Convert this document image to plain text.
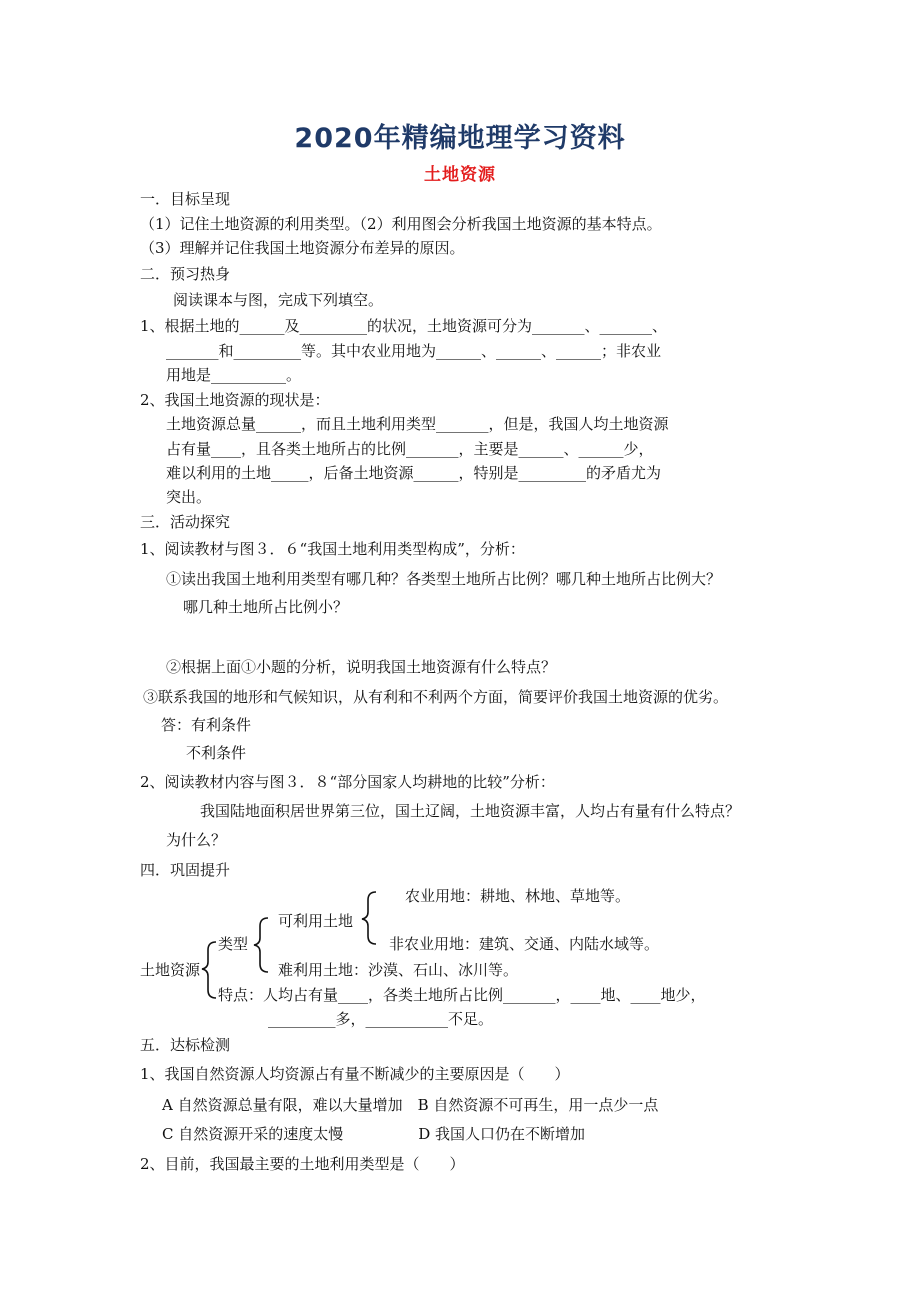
2020年精编地理学习资料
土地资源
一．目标呈现
（1）记住土地资源的利用类型。（2）利用图会分析我国土地资源的基本特点。
（3）理解并记住我国土地资源分布差异的原因。
二．预习热身
阅读课本与图，完成下列填空。
1、根据土地的______及_________的状况，土地资源可分为_______、_______、
_______和_________等。其中农业用地为______、______、______；非农业
用地是__________。
2、我国土地资源的现状是：
土地资源总量______，而且土地利用类型_______，但是，我国人均土地资源
占有量____，且各类土地所占的比例_______，主要是______、______少，
难以利用的土地_____，后备土地资源______，特别是_________的矛盾尤为
突出。
三．活动探究
1、阅读教材与图３．６“我国土地利用类型构成”，分析：
①读出我国土地利用类型有哪几种？各类型土地所占比例？哪几种土地所占比例大？
哪几种土地所占比例小？
②根据上面①小题的分析，说明我国土地资源有什么特点？
③联系我国的地形和气候知识，从有利和不利两个方面，简要评价我国土地资源的优劣。
答：有利条件
不利条件
2、阅读教材内容与图３．８“部分国家人均耕地的比较”分析：
我国陆地面积居世界第三位，国土辽阔，土地资源丰富，人均占有量有什么特点？
为什么？
四．巩固提升
农业用地：耕地、林地、草地等。
可利用土地
非农业用地：建筑、交通、内陆水域等。
类型
土地资源	难利用土地：沙漠、石山、冰川等。
特点：人均占有量____，各类土地所占比例_______，____地、____地少，
_________多，___________不足。
五．达标检测
1、我国自然资源人均资源占有量不断减少的主要原因是（　　）
A 自然资源总量有限，难以大量增加　B 自然资源不可再生，用一点少一点
C 自然资源开采的速度太慢　　　　　D 我国人口仍在不断增加
2、目前，我国最主要的土地利用类型是（　　）
